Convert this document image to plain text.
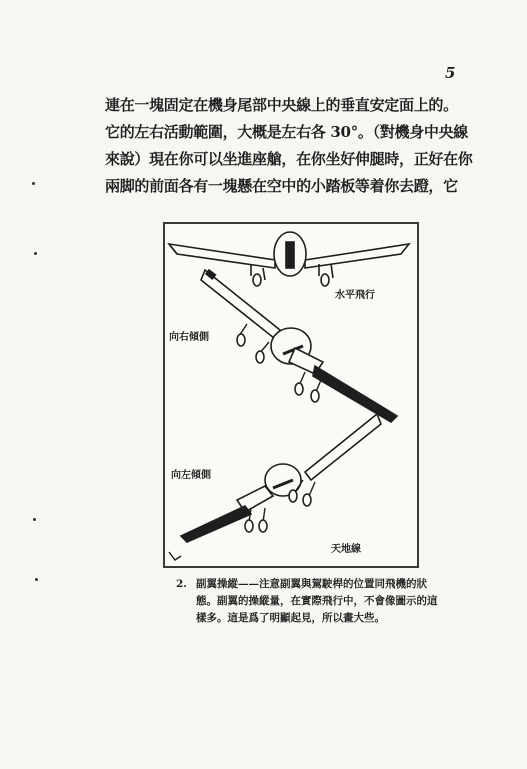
5
連在一塊固定在機身尾部中央線上的垂直安定面上的。
它的左右活動範圍，大概是左右各 30°。（對機身中央線
來說）現在你可以坐進座艙，在你坐好伸腿時，正好在你
兩脚的前面各有一塊懸在空中的小踏板等着你去蹬，它
水平飛行
向右傾側
向左傾側
天地線
2. 副翼操縱——注意副翼與駕駛桿的位置同飛機的狀態。副翼的操縱量，在實際飛行中，不會像圖示的這樣多。這是爲了明顯起見，所以畫大些。
